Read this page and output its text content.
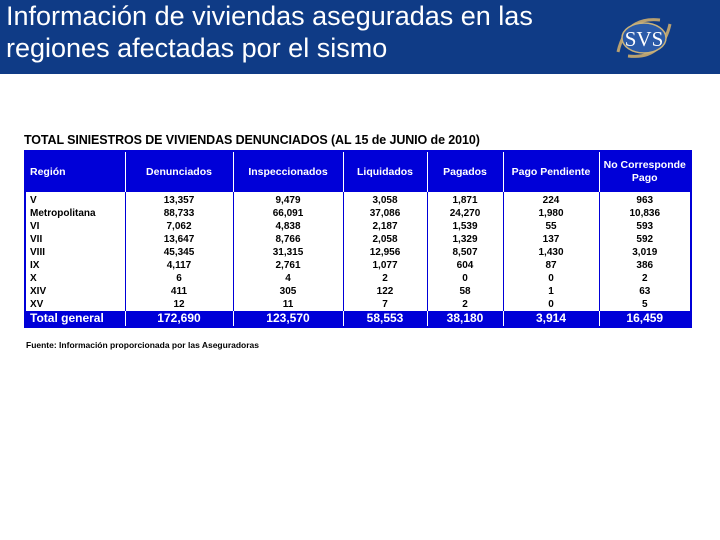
Información de viviendas aseguradas en las
regiones afectadas por el sismo	SVS
TOTAL SINIESTROS DE VIVIENDAS DENUNCIADOS (AL 15 de JUNIO de 2010)
Región	Denunciados	Inspeccionados	Liquidados	Pagados	Pago Pendiente	No Corresponde Pago
V	13,357	9,479	3,058	1,871	224	963
Metropolitana	88,733	66,091	37,086	24,270	1,980	10,836
VI	7,062	4,838	2,187	1,539	55	593
VII	13,647	8,766	2,058	1,329	137	592
VIII	45,345	31,315	12,956	8,507	1,430	3,019
IX	4,117	2,761	1,077	604	87	386
X	6	4	2	0	0	2
XIV	411	305	122	58	1	63
XV	12	11	7	2	0	5
Total general	172,690	123,570	58,553	38,180	3,914	16,459
Fuente: Información proporcionada por las Aseguradoras
